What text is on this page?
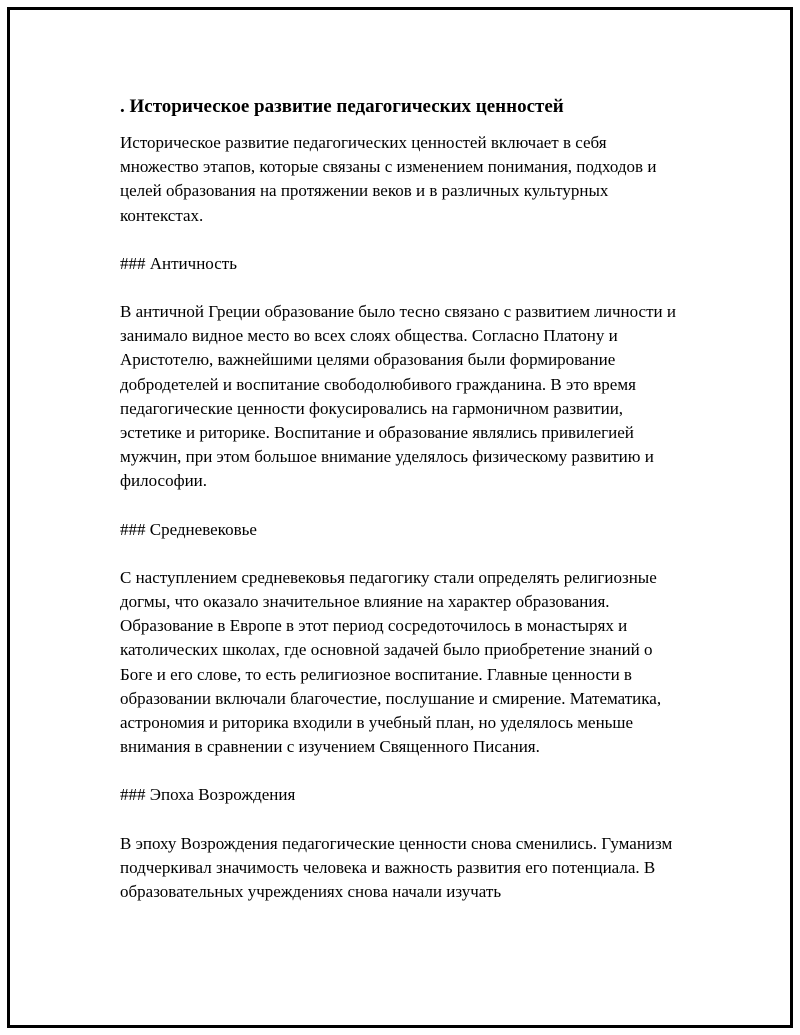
. Историческое развитие педагогических ценностей

Историческое развитие педагогических ценностей включает в себя множество этапов, которые связаны с изменением понимания, подходов и целей образования на протяжении веков и в различных культурных контекстах.

### Античность

В античной Греции образование было тесно связано с развитием личности и занимало видное место во всех слоях общества. Согласно Платону и Аристотелю, важнейшими целями образования были формирование добродетелей и воспитание свободолюбивого гражданина. В это время педагогические ценности фокусировались на гармоничном развитии, эстетике и риторике. Воспитание и образование являлись привилегией мужчин, при этом большое внимание уделялось физическому развитию и философии.

### Средневековье

С наступлением средневековья педагогику стали определять религиозные догмы, что оказало значительное влияние на характер образования. Образование в Европе в этот период сосредоточилось в монастырях и католических школах, где основной задачей было приобретение знаний о Боге и его слове, то есть религиозное воспитание. Главные ценности в образовании включали благочестие, послушание и смирение. Математика, астрономия и риторика входили в учебный план, но уделялось меньше внимания в сравнении с изучением Священного Писания.

### Эпоха Возрождения

В эпоху Возрождения педагогические ценности снова сменились. Гуманизм подчеркивал значимость человека и важность развития его потенциала. В образовательных учреждениях снова начали изучать
